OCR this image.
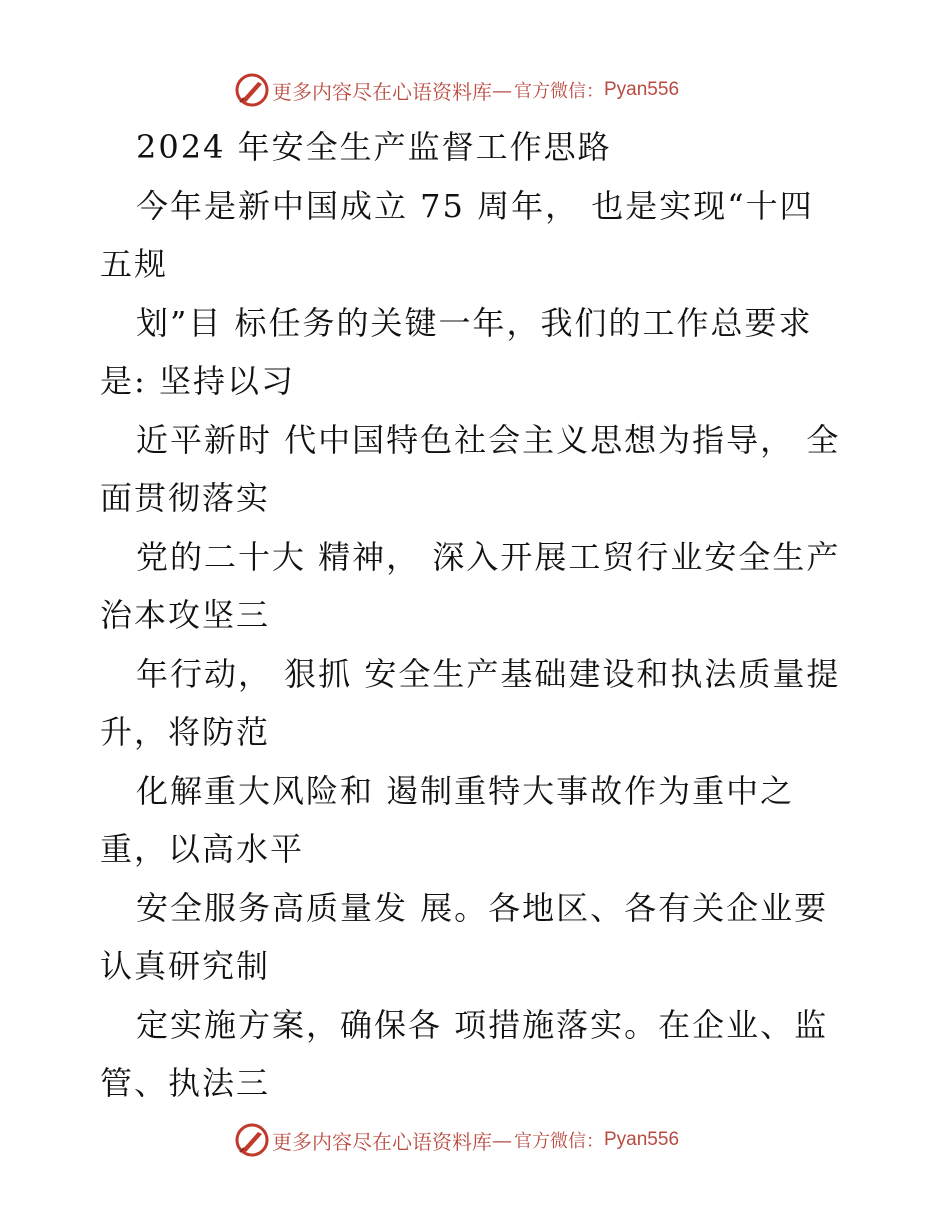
更多内容尽在心语资料库 — 官方微信： Pyan556
2024 年安全生产监督工作思路
今年是新中国成立 75 周年， 也是实现“十四
五规
划”目 标任务的关键一年，我们的工作总要求
是: 坚持以习
近平新时 代中国特色社会主义思想为指导， 全
面贯彻落实
党的二十大 精神， 深入开展工贸行业安全生产
治本攻坚三
年行动， 狠抓 安全生产基础建设和执法质量提
升，将防范
化解重大风险和 遏制重特大事故作为重中之
重，以高水平
安全服务高质量发 展。各地区、各有关企业要
认真研究制
定实施方案，确保各 项措施落实。在企业、监
管、执法三
更多内容尽在心语资料库 — 官方微信： Pyan556
